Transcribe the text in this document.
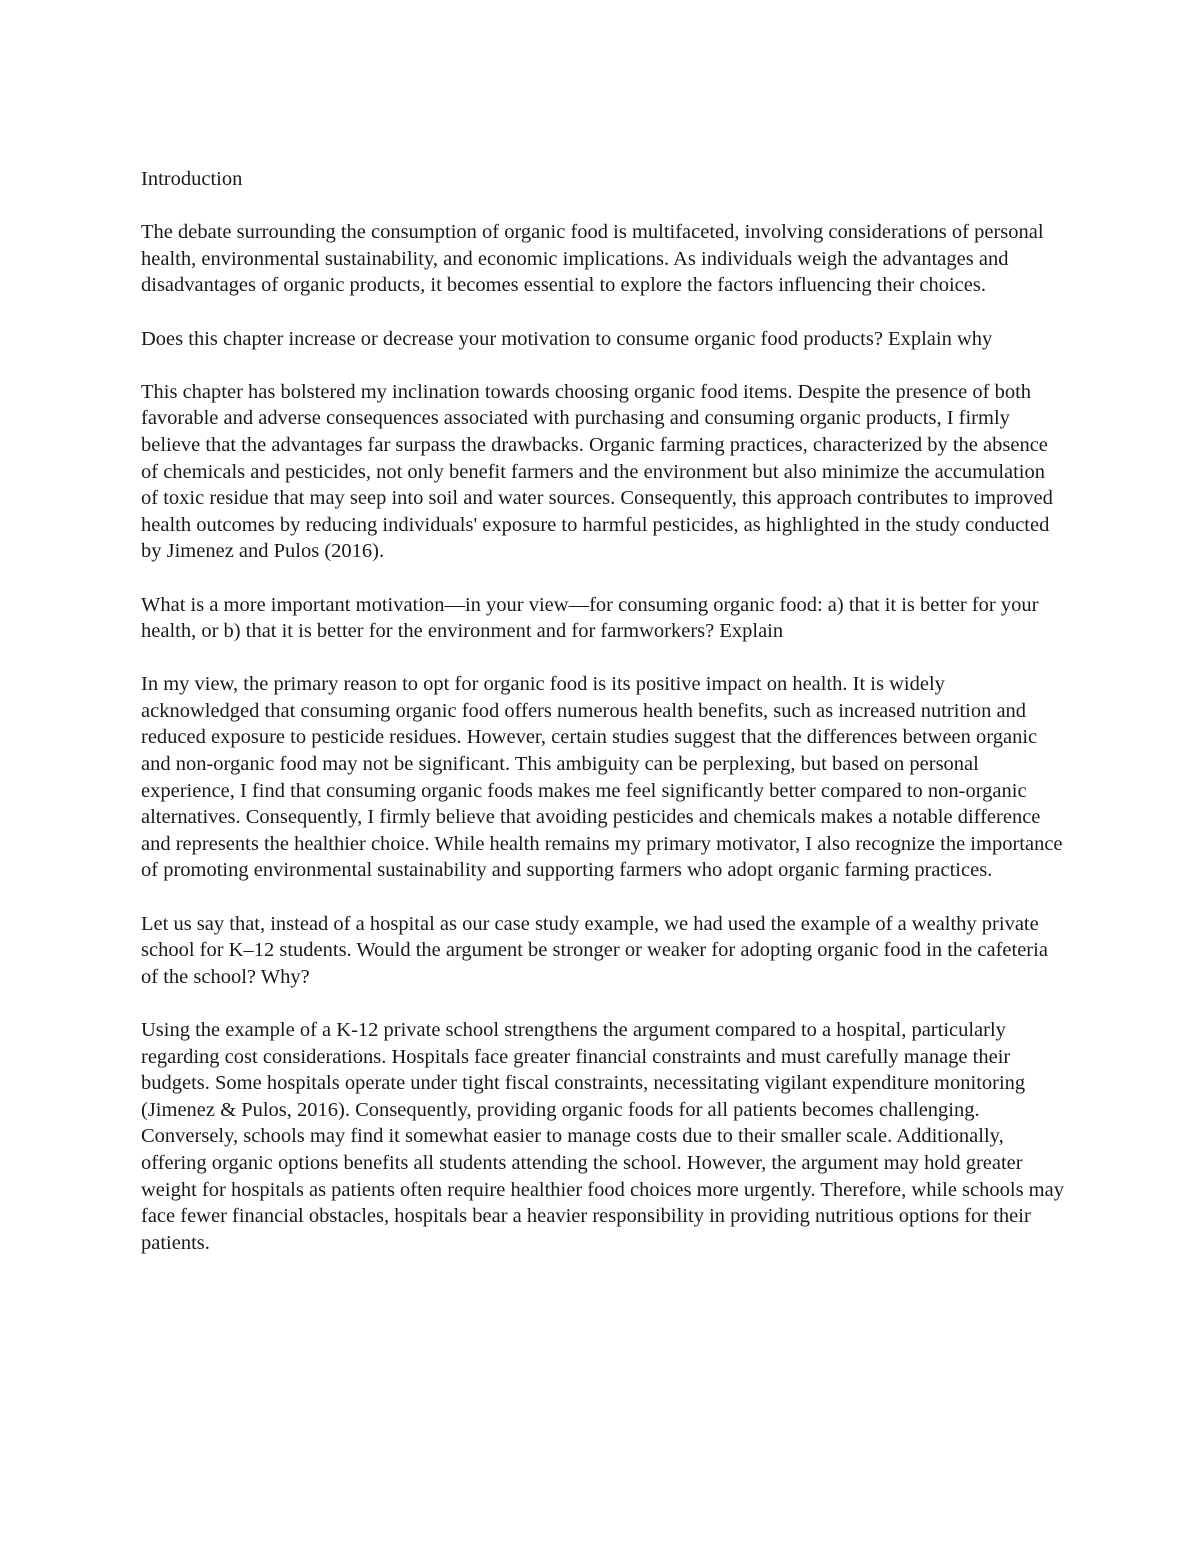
Introduction

The debate surrounding the consumption of organic food is multifaceted, involving considerations of personal health, environmental sustainability, and economic implications. As individuals weigh the advantages and disadvantages of organic products, it becomes essential to explore the factors influencing their choices.

Does this chapter increase or decrease your motivation to consume organic food products? Explain why

This chapter has bolstered my inclination towards choosing organic food items. Despite the presence of both favorable and adverse consequences associated with purchasing and consuming organic products, I firmly believe that the advantages far surpass the drawbacks. Organic farming practices, characterized by the absence of chemicals and pesticides, not only benefit farmers and the environment but also minimize the accumulation of toxic residue that may seep into soil and water sources. Consequently, this approach contributes to improved health outcomes by reducing individuals' exposure to harmful pesticides, as highlighted in the study conducted by Jimenez and Pulos (2016).

What is a more important motivation—in your view—for consuming organic food: a) that it is better for your health, or b) that it is better for the environment and for farmworkers? Explain

In my view, the primary reason to opt for organic food is its positive impact on health. It is widely acknowledged that consuming organic food offers numerous health benefits, such as increased nutrition and reduced exposure to pesticide residues. However, certain studies suggest that the differences between organic and non-organic food may not be significant. This ambiguity can be perplexing, but based on personal experience, I find that consuming organic foods makes me feel significantly better compared to non-organic alternatives. Consequently, I firmly believe that avoiding pesticides and chemicals makes a notable difference and represents the healthier choice. While health remains my primary motivator, I also recognize the importance of promoting environmental sustainability and supporting farmers who adopt organic farming practices.

Let us say that, instead of a hospital as our case study example, we had used the example of a wealthy private school for K–12 students. Would the argument be stronger or weaker for adopting organic food in the cafeteria of the school? Why?

Using the example of a K-12 private school strengthens the argument compared to a hospital, particularly regarding cost considerations. Hospitals face greater financial constraints and must carefully manage their budgets. Some hospitals operate under tight fiscal constraints, necessitating vigilant expenditure monitoring (Jimenez & Pulos, 2016). Consequently, providing organic foods for all patients becomes challenging. Conversely, schools may find it somewhat easier to manage costs due to their smaller scale. Additionally, offering organic options benefits all students attending the school. However, the argument may hold greater weight for hospitals as patients often require healthier food choices more urgently. Therefore, while schools may face fewer financial obstacles, hospitals bear a heavier responsibility in providing nutritious options for their patients.
